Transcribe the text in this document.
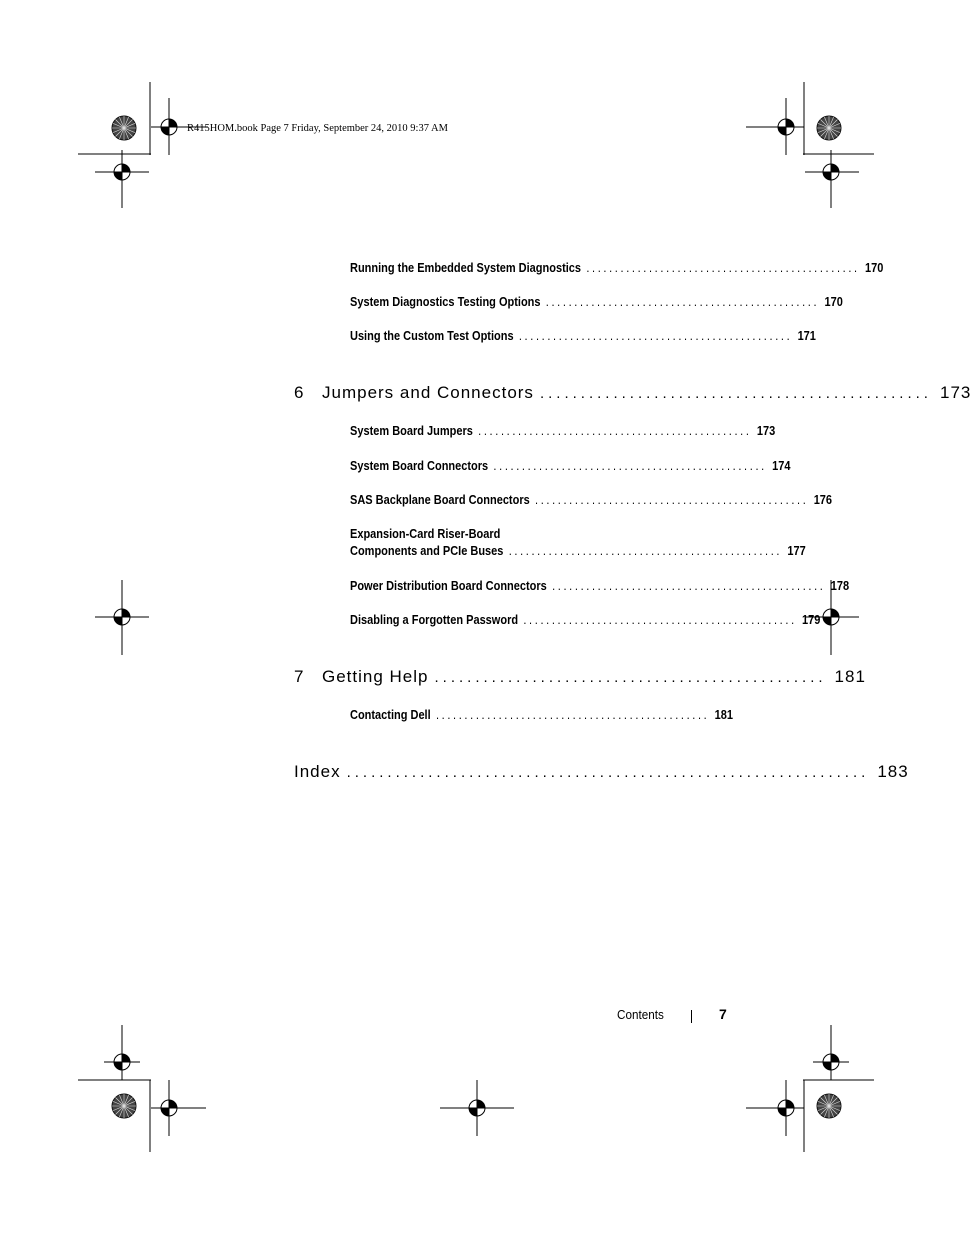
R415HOM.book Page 7 Friday, September 24, 2010 9:37 AM
Running the Embedded System Diagnostics ................................................ 170
System Diagnostics Testing Options ................................................ 170
Using the Custom Test Options ................................................ 171
6	Jumpers and Connectors ................................................ 173
System Board Jumpers ................................................ 173
System Board Connectors ................................................ 174
SAS Backplane Board Connectors ................................................ 176
Expansion-Card Riser-Board
Components and PCIe Buses ................................................ 177
Power Distribution Board Connectors ................................................ 178
Disabling a Forgotten Password ................................................ 179
7	Getting Help ................................................ 181
Contacting Dell ................................................ 181
Index ................................................................ 183
Contents	7
